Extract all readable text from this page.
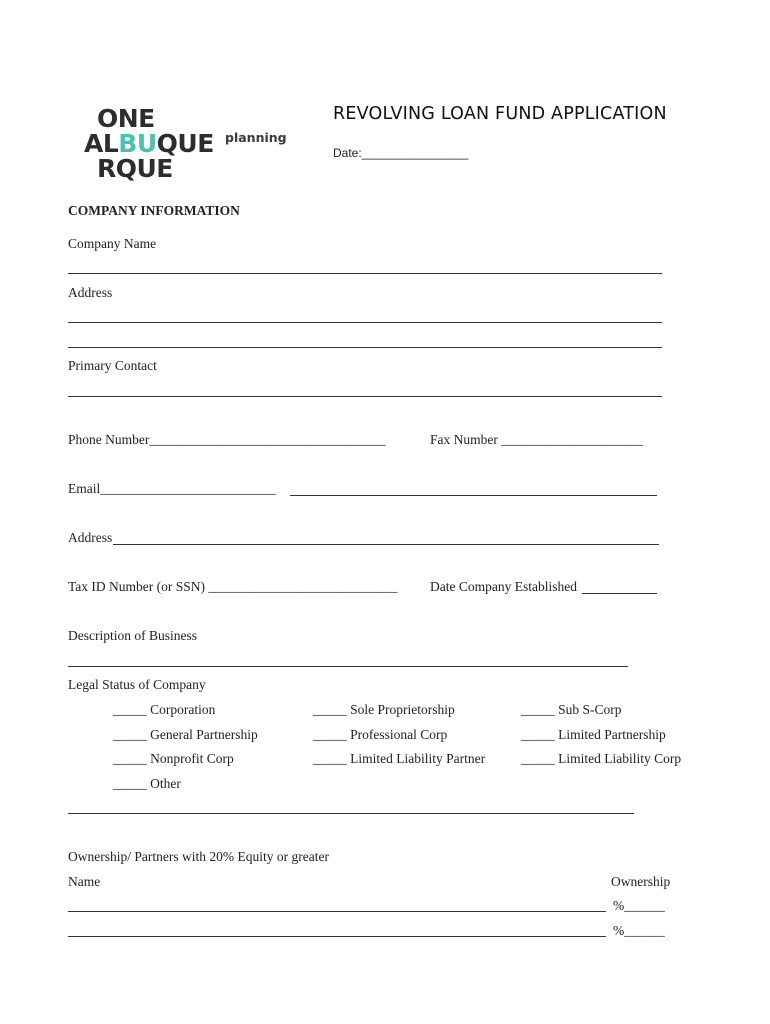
ONE
ALBUQUE
RQUE
planning
REVOLVING LOAN FUND APPLICATION
Date:________________
COMPANY INFORMATION
Company Name
Address
Primary Contact
Phone Number___________________________________	Fax Number _____________________
Email__________________________
Address
Tax ID Number (or SSN) ____________________________ Date Company Established
Description of Business
Legal Status of Company
_____ Corporation	_____ Sole Proprietorship	_____ Sub S-Corp
_____ General Partnership	_____ Professional Corp	_____ Limited Partnership
_____ Nonprofit Corp	_____ Limited Liability Partner	_____ Limited Liability Corp
_____ Other
Ownership/ Partners with 20% Equity or greater
Name	Ownership
%______
%______
